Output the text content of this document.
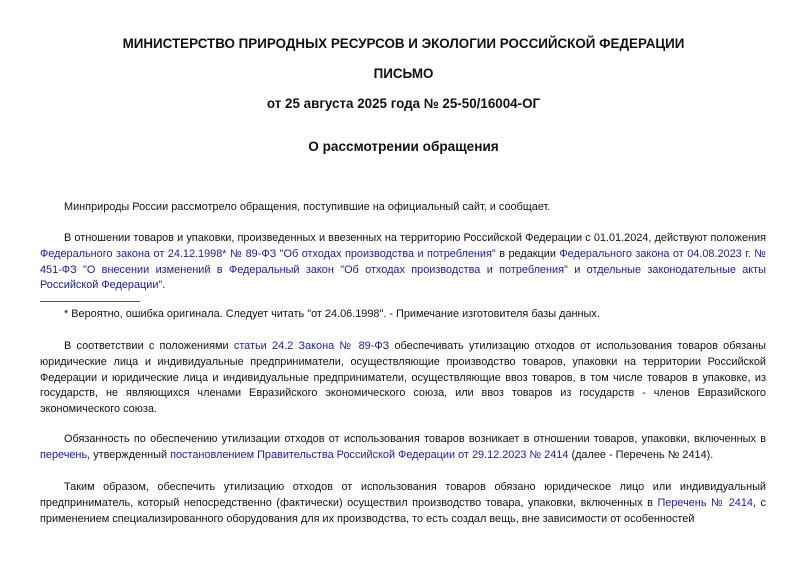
МИНИСТЕРСТВО ПРИРОДНЫХ РЕСУРСОВ И ЭКОЛОГИИ РОССИЙСКОЙ ФЕДЕРАЦИИ
ПИСЬМО
от 25 августа 2025 года № 25-50/16004-ОГ
О рассмотрении обращения
Минприроды России рассмотрело обращения, поступившие на официальный сайт, и сообщает.
В отношении товаров и упаковки, произведенных и ввезенных на территорию Российской Федерации с 01.01.2024, действуют положения Федерального закона от 24.12.1998* № 89-ФЗ "Об отходах производства и потребления" в редакции Федерального закона от 04.08.2023 г. № 451-ФЗ "О внесении изменений в Федеральный закон "Об отходах производства и потребления" и отдельные законодательные акты Российской Федерации".
* Вероятно, ошибка оригинала. Следует читать "от 24.06.1998". - Примечание изготовителя базы данных.
В соответствии с положениями статьи 24.2 Закона № 89-ФЗ обеспечивать утилизацию отходов от использования товаров обязаны юридические лица и индивидуальные предприниматели, осуществляющие производство товаров, упаковки на территории Российской Федерации и юридические лица и индивидуальные предприниматели, осуществляющие ввоз товаров, в том числе товаров в упаковке, из государств, не являющихся членами Евразийского экономического союза, или ввоз товаров из государств - членов Евразийского экономического союза.
Обязанность по обеспечению утилизации отходов от использования товаров возникает в отношении товаров, упаковки, включенных в перечень, утвержденный постановлением Правительства Российской Федерации от 29.12.2023 № 2414 (далее - Перечень № 2414).
Таким образом, обеспечить утилизацию отходов от использования товаров обязано юридическое лицо или индивидуальный предприниматель, который непосредственно (фактически) осуществил производство товара, упаковки, включенных в Перечень № 2414, с применением специализированного оборудования для их производства, то есть создал вещь, вне зависимости от особенностей
